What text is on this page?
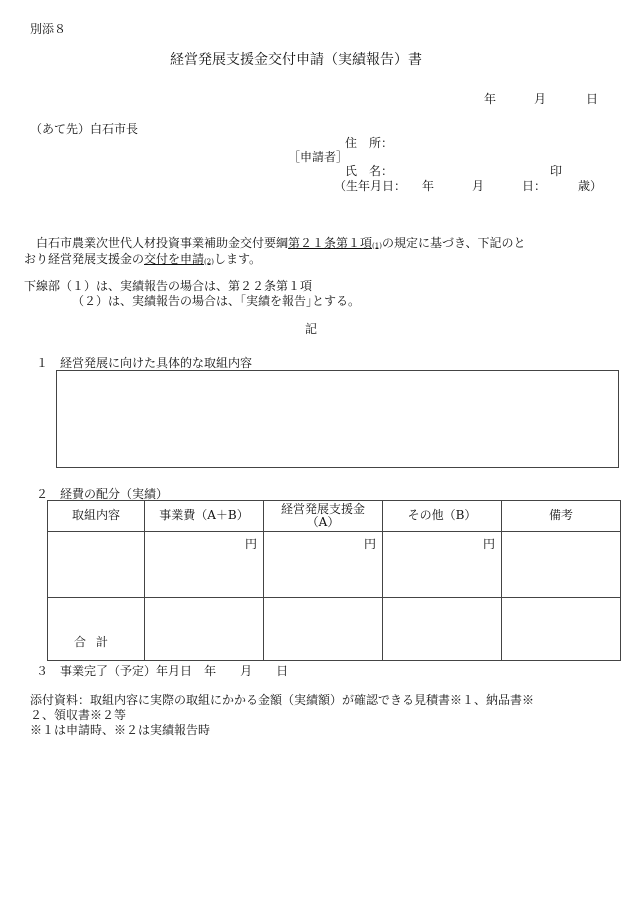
別添８
経営発展支援金交付申請（実績報告）書
年	月	日
（あて先）白石市長
住　所：
［申請者］
氏　名：	印
（生年月日： 年	月	日：	歳）
白石市農業次世代人材投資事業補助金交付要綱第２１条第１項(1)の規定に基づき、下記のと
おり経営発展支援金の交付を申請(2)します。
下線部（１）は、実績報告の場合は、第２２条第１項
（２）は、実績報告の場合は、｢実績を報告｣とする。
記
１　 経営発展に向けた具体的な取組内容
２　 経費の配分（実績）
取組内容	事業費（A＋B）	経営発展支援金（A）	その他（B）	備考
	円	円	円	
合計				
３　 事業完了（予定）年月日　 年　　 月　　 日
添付資料：取組内容に実際の取組にかかる金額（実績額）が確認できる見積書※１、納品書※
２、領収書※２等
※１は申請時、※２は実績報告時
